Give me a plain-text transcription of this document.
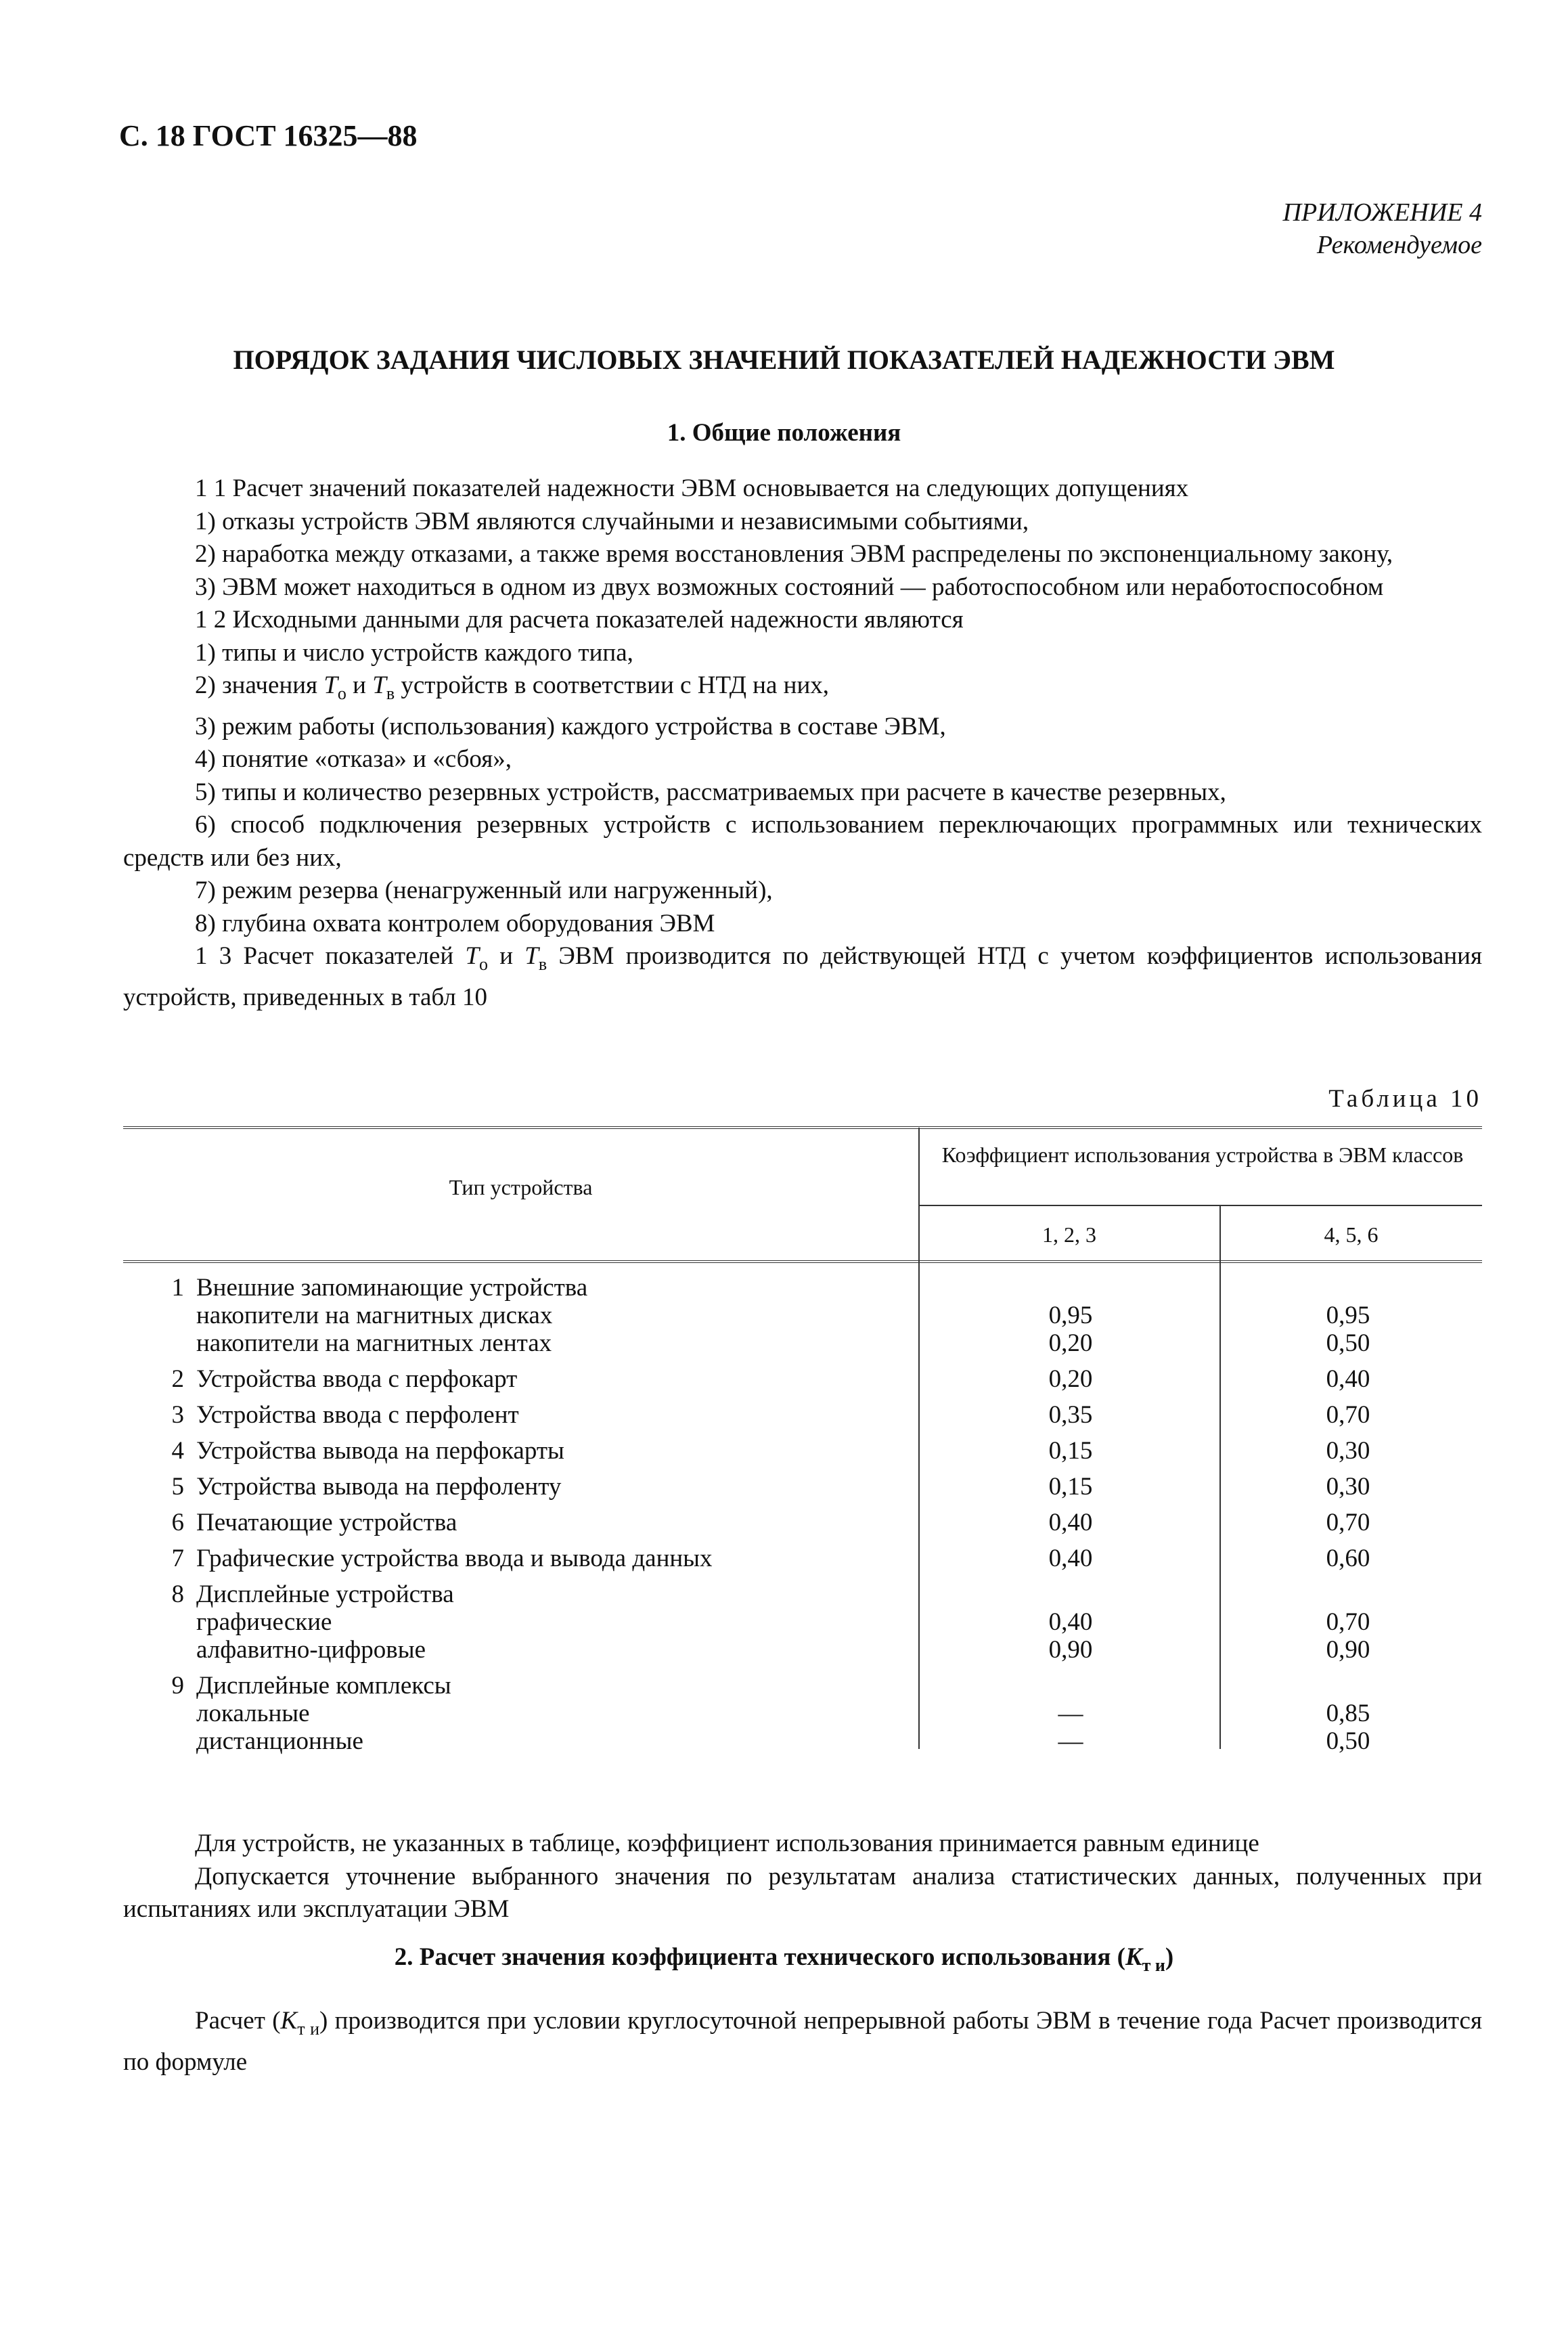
С. 18 ГОСТ 16325—88
ПРИЛОЖЕНИЕ 4
Рекомендуемое
ПОРЯДОК ЗАДАНИЯ ЧИСЛОВЫХ ЗНАЧЕНИЙ ПОКАЗАТЕЛЕЙ НАДЕЖНОСТИ ЭВМ
1. Общие положения

1 1 Расчет значений показателей надежности ЭВМ основывается на следующих допущениях

1) отказы устройств ЭВМ являются случайными и независимыми событиями,

2) наработка между отказами, а также время восстановления ЭВМ распределены по экспоненциальному закону,

3) ЭВМ может находиться в одном из двух возможных состояний — работоспособном или неработоспособном

1 2 Исходными данными для расчета показателей надежности являются

1) типы и число устройств каждого типа,

2) значения $T_о$ и $T_в$ устройств в соответствии с НТД на них,

3) режим работы (использования) каждого устройства в составе ЭВМ,

4) понятие «отказа» и «сбоя»,

5) типы и количество резервных устройств, рассматриваемых при расчете в качестве резервных,

6) способ подключения резервных устройств с использованием переключающих программных или технических средств или без них,

7) режим резерва (ненагруженный или нагруженный),

8) глубина охвата контролем оборудования ЭВМ

1 3 Расчет показателей $T_о$ и $T_в$ ЭВМ производится по действующей НТД с учетом коэффициентов использования устройств, приведенных в табл 10

Таблица 10
Тип устройства
Коэффициент использования устройства в ЭВМ классов
1, 2, 3	4, 5, 6
1 Внешние запоминающие устройства
накопители на магнитных дисках	0,95	0,95
накопители на магнитных лентах	0,20	0,50
2 Устройства ввода с перфокарт	0,20	0,40
3 Устройства ввода с перфолент	0,35	0,70
4 Устройства вывода на перфокарты	0,15	0,30
5 Устройства вывода на перфоленту	0,15	0,30
6 Печатающие устройства	0,40	0,70
7 Графические устройства ввода и вывода данных	0,40	0,60
8 Дисплейные устройства
графические	0,40	0,70
алфавитно-цифровые	0,90	0,90
9 Дисплейные комплексы
локальные	—	0,85
дистанционные	—	0,50

Для устройств, не указанных в таблице, коэффициент использования принимается равным единице

Допускается уточнение выбранного значения по результатам анализа статистических данных, полученных при испытаниях или эксплуатации ЭВМ

2. Расчет значения коэффициента технического использования $(K_{т и})$

Расчет $(K_{т и})$ производится при условии круглосуточной непрерывной работы ЭВМ в течение года Расчет производится по формуле
